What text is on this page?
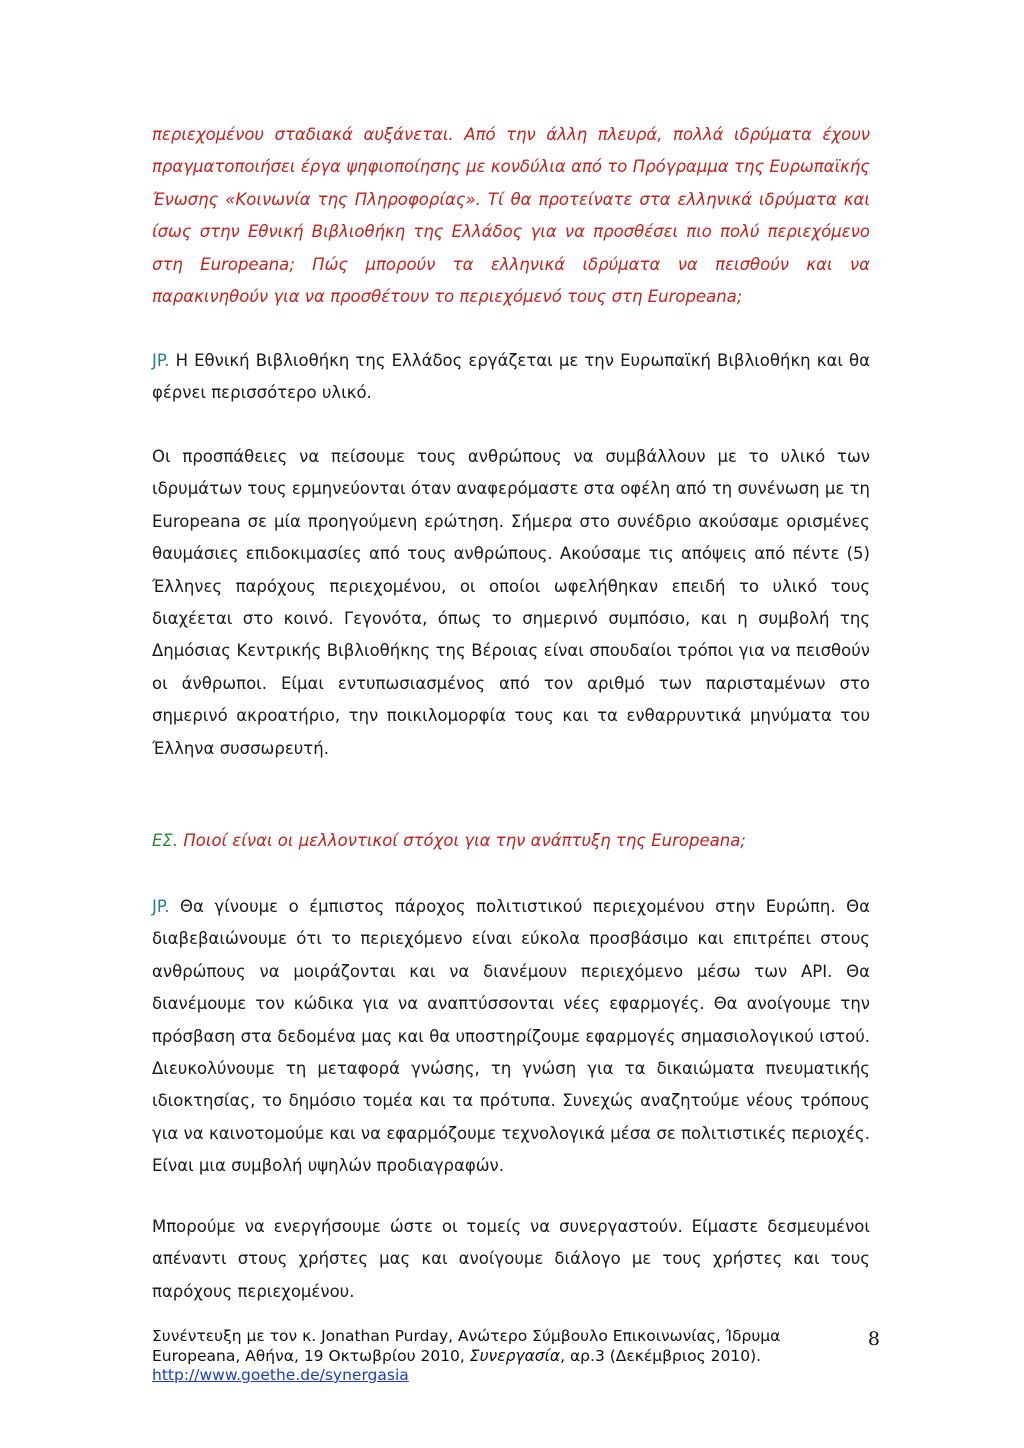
περιεχομένου σταδιακά αυξάνεται. Από την άλλη πλευρά, πολλά ιδρύματα έχουν πραγματοποιήσει έργα ψηφιοποίησης με κονδύλια από το Πρόγραμμα της Ευρωπαϊκής Ένωσης «Κοινωνία της Πληροφορίας». Τί θα προτείνατε στα ελληνικά ιδρύματα και ίσως στην Εθνική Βιβλιοθήκη της Ελλάδος για να προσθέσει πιο πολύ περιεχόμενο στη Europeana; Πώς μπορούν τα ελληνικά ιδρύματα να πεισθούν και να παρακινηθούν για να προσθέτουν το περιεχόμενό τους στη Europeana;

JP. Η Εθνική Βιβλιοθήκη της Ελλάδος εργάζεται με την Ευρωπαϊκή Βιβλιοθήκη και θα φέρνει περισσότερο υλικό.

Οι προσπάθειες να πείσουμε τους ανθρώπους να συμβάλλουν με το υλικό των ιδρυμάτων τους ερμηνεύονται όταν αναφερόμαστε στα οφέλη από τη συνένωση με τη Europeana σε μία προηγούμενη ερώτηση. Σήμερα στο συνέδριο ακούσαμε ορισμένες θαυμάσιες επιδοκιμασίες από τους ανθρώπους. Ακούσαμε τις απόψεις από πέντε (5) Έλληνες παρόχους περιεχομένου, οι οποίοι ωφελήθηκαν επειδή το υλικό τους διαχέεται στο κοινό. Γεγονότα, όπως το σημερινό συμπόσιο, και η συμβολή της Δημόσιας Κεντρικής Βιβλιοθήκης της Βέροιας είναι σπουδαίοι τρόποι για να πεισθούν οι άνθρωποι. Είμαι εντυπωσιασμένος από τον αριθμό των παρισταμένων στο σημερινό ακροατήριο, την ποικιλομορφία τους και τα ενθαρρυντικά μηνύματα του Έλληνα συσσωρευτή.

ΕΣ. Ποιοί είναι οι μελλοντικοί στόχοι για την ανάπτυξη της Europeana;

JP. Θα γίνουμε ο έμπιστος πάροχος πολιτιστικού περιεχομένου στην Ευρώπη. Θα διαβεβαιώνουμε ότι το περιεχόμενο είναι εύκολα προσβάσιμο και επιτρέπει στους ανθρώπους να μοιράζονται και να διανέμουν περιεχόμενο μέσω των API. Θα διανέμουμε τον κώδικα για να αναπτύσσονται νέες εφαρμογές. Θα ανοίγουμε την πρόσβαση στα δεδομένα μας και θα υποστηρίζουμε εφαρμογές σημασιολογικού ιστού. Διευκολύνουμε τη μεταφορά γνώσης, τη γνώση για τα δικαιώματα πνευματικής ιδιοκτησίας, το δημόσιο τομέα και τα πρότυπα. Συνεχώς αναζητούμε νέους τρόπους για να καινοτομούμε και να εφαρμόζουμε τεχνολογικά μέσα σε πολιτιστικές περιοχές. Είναι μια συμβολή υψηλών προδιαγραφών.

Μπορούμε να ενεργήσουμε ώστε οι τομείς να συνεργαστούν. Είμαστε δεσμευμένοι απέναντι στους χρήστες μας και ανοίγουμε διάλογο με τους χρήστες και τους παρόχους περιεχομένου.

Συνέντευξη με τον κ. Jonathan Purday, Ανώτερο Σύμβουλο Επικοινωνίας, Ίδρυμα
Europeana, Αθήνα, 19 Οκτωβρίου 2010, Συνεργασία, αρ.3 (Δεκέμβριος 2010).
http://www.goethe.de/synergasia
8
